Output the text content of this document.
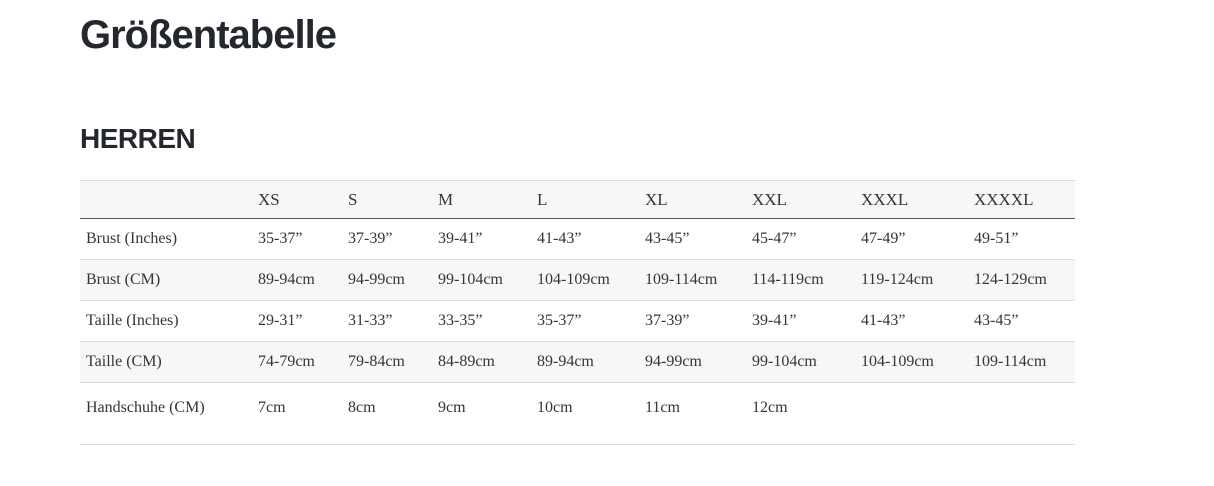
Größentabelle
HERREN
	XS	S	M	L	XL	XXL	XXXL	XXXXL
Brust (Inches)	35-37”	37-39”	39-41”	41-43”	43-45”	45-47”	47-49”	49-51”
Brust (CM)	89-94cm	94-99cm	99-104cm	104-109cm	109-114cm	114-119cm	119-124cm	124-129cm
Taille (Inches)	29-31”	31-33”	33-35”	35-37”	37-39”	39-41”	41-43”	43-45”
Taille (CM)	74-79cm	79-84cm	84-89cm	89-94cm	94-99cm	99-104cm	104-109cm	109-114cm
Handschuhe (CM)	7cm	8cm	9cm	10cm	11cm	12cm		
